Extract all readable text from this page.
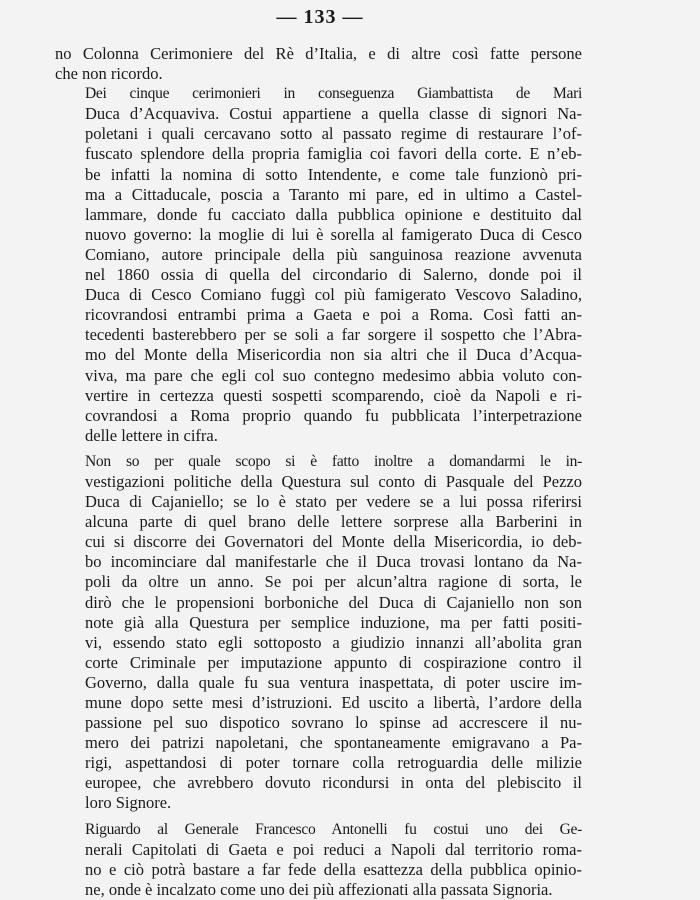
— 133 —

no Colonna Cerimoniere del Rè d’Italia, e di altre così fatte persone
che non ricordo.

Dei cinque cerimonieri in conseguenza Giambattista de Mari
Duca d’Acquaviva. Costui appartiene a quella classe di signori Na-
poletani i quali cercavano sotto al passato regime di restaurare l’of-
fuscato splendore della propria famiglia coi favori della corte. E n’eb-
be infatti la nomina di sotto Intendente, e come tale funzionò pri-
ma a Cittaducale, poscia a Taranto mi pare, ed in ultimo a Castel-
lammare, donde fu cacciato dalla pubblica opinione e destituito dal
nuovo governo: la moglie di lui è sorella al famigerato Duca di Cesco
Comiano, autore principale della più sanguinosa reazione avvenuta
nel 1860 ossia di quella del circondario di Salerno, donde poi il
Duca di Cesco Comiano fuggì col più famigerato Vescovo Saladino,
ricovrandosi entrambi prima a Gaeta e poi a Roma. Così fatti an-
tecedenti basterebbero per se soli a far sorgere il sospetto che l’Abra-
mo del Monte della Misericordia non sia altri che il Duca d’Acqua-
viva, ma pare che egli col suo contegno medesimo abbia voluto con-
vertire in certezza questi sospetti scomparendo, cioè da Napoli e ri-
covrandosi a Roma proprio quando fu pubblicata l’interpetrazione
delle lettere in cifra.

Non so per quale scopo si è fatto inoltre a domandarmi le in-
vestigazioni politiche della Questura sul conto di Pasquale del Pezzo
Duca di Cajaniello; se lo è stato per vedere se a lui possa riferirsi
alcuna parte di quel brano delle lettere sorprese alla Barberini in
cui si discorre dei Governatori del Monte della Misericordia, io deb-
bo incominciare dal manifestarle che il Duca trovasi lontano da Na-
poli da oltre un anno. Se poi per alcun’altra ragione di sorta, le
dirò che le propensioni borboniche del Duca di Cajaniello non son
note già alla Questura per semplice induzione, ma per fatti positi-
vi, essendo stato egli sottoposto a giudizio innanzi all’abolita gran
corte Criminale per imputazione appunto di cospirazione contro il
Governo, dalla quale fu sua ventura inaspettata, di poter uscire im-
mune dopo sette mesi d’istruzioni. Ed uscito a libertà, l’ardore della
passione pel suo dispotico sovrano lo spinse ad accrescere il nu-
mero dei patrizi napoletani, che spontaneamente emigravano a Pa-
rigi, aspettandosi di poter tornare colla retroguardia delle milizie
europee, che avrebbero dovuto ricondursi in onta del plebiscito il
loro Signore.

Riguardo al Generale Francesco Antonelli fu costui uno dei Ge-
nerali Capitolati di Gaeta e poi reduci a Napoli dal territorio roma-
no e ciò potrà bastare a far fede della esattezza della pubblica opinio-
ne, onde è incalzato come uno dei più affezionati alla passata Signoria.
